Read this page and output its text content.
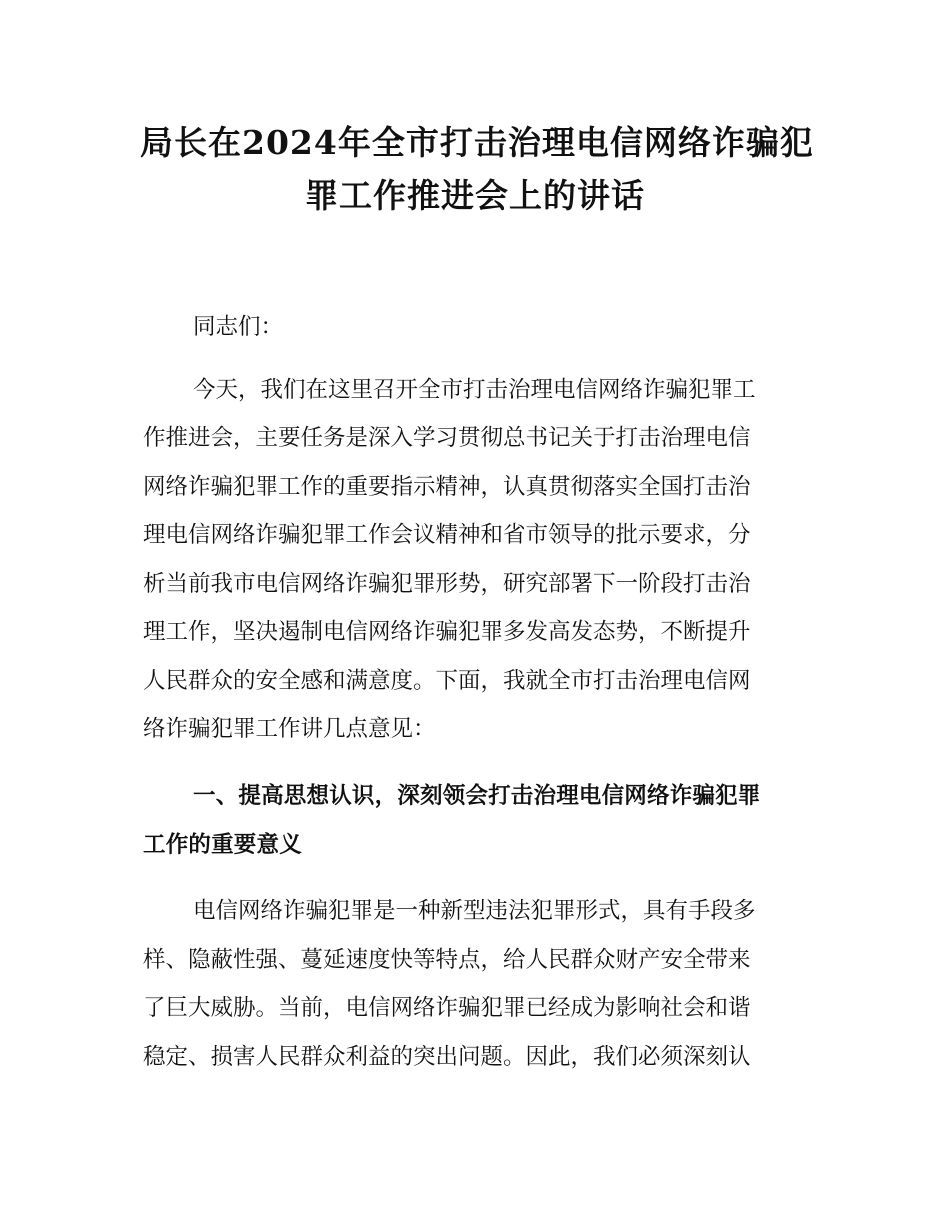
局长在2024年全市打击治理电信网络诈骗犯
罪工作推进会上的讲话

同志们：

今天，我们在这里召开全市打击治理电信网络诈骗犯罪工

作推进会，主要任务是深入学习贯彻总书记关于打击治理电信

网络诈骗犯罪工作的重要指示精神，认真贯彻落实全国打击治

理电信网络诈骗犯罪工作会议精神和省市领导的批示要求，分

析当前我市电信网络诈骗犯罪形势，研究部署下一阶段打击治

理工作，坚决遏制电信网络诈骗犯罪多发高发态势，不断提升

人民群众的安全感和满意度。下面，我就全市打击治理电信网

络诈骗犯罪工作讲几点意见：

一、提高思想认识，深刻领会打击治理电信网络诈骗犯罪

工作的重要意义

电信网络诈骗犯罪是一种新型违法犯罪形式，具有手段多

样、隐蔽性强、蔓延速度快等特点，给人民群众财产安全带来

了巨大威胁。当前，电信网络诈骗犯罪已经成为影响社会和谐

稳定、损害人民群众利益的突出问题。因此，我们必须深刻认
